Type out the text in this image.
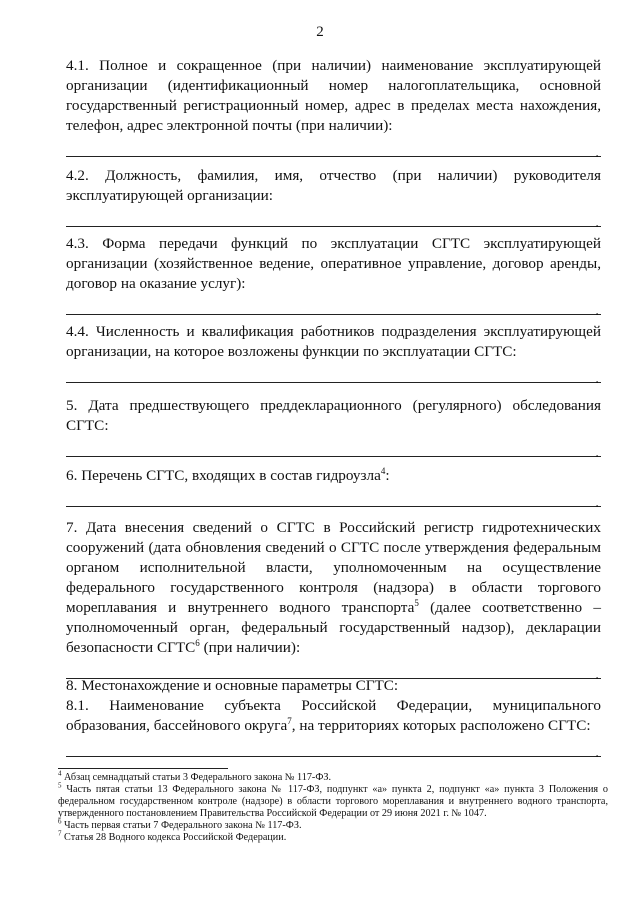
2

4.1. Полное и сокращенное (при наличии) наименование эксплуатирующей организации (идентификационный номер налогоплательщика, основной государственный регистрационный номер, адрес в пределах места нахождения, телефон, адрес электронной почты (при наличии):

.

4.2. Должность, фамилия, имя, отчество (при наличии) руководителя эксплуатирующей организации:

.

4.3. Форма передачи функций по эксплуатации СГТС эксплуатирующей организации (хозяйственное ведение, оперативное управление, договор аренды, договор на оказание услуг):

.

4.4. Численность и квалификация работников подразделения эксплуатирующей организации, на которое возложены функции по эксплуатации СГТС:

.

5. Дата предшествующего преддекларационного (регулярного) обследования СГТС:

.

6. Перечень СГТС, входящих в состав гидроузла$^4$:

.

7. Дата внесения сведений о СГТС в Российский регистр гидротехнических сооружений (дата обновления сведений о СГТС после утверждения федеральным органом исполнительной власти, уполномоченным на осуществление федерального государственного контроля (надзора) в области торгового мореплавания и внутреннего водного транспорта$^5$ (далее соответственно – уполномоченный орган, федеральный государственный надзор), декларации безопасности СГТС$^6$ (при наличии):

.

8. Местонахождение и основные параметры СГТС:

8.1. Наименование субъекта Российской Федерации, муниципального образования, бассейнового округа$^7$, на территориях которых расположено СГТС:

.

$^4$ Абзац семнадцатый статьи 3 Федерального закона № 117-ФЗ.

$^5$ Часть пятая статьи 13 Федерального закона № 117-ФЗ, подпункт «а» пункта 2, подпункт «а» пункта 3 Положения о федеральном государственном контроле (надзоре) в области торгового мореплавания и внутреннего водного транспорта, утвержденного постановлением Правительства Российской Федерации от 29 июня 2021 г. № 1047.

$^6$ Часть первая статьи 7 Федерального закона № 117-ФЗ.

$^7$ Статья 28 Водного кодекса Российской Федерации.
